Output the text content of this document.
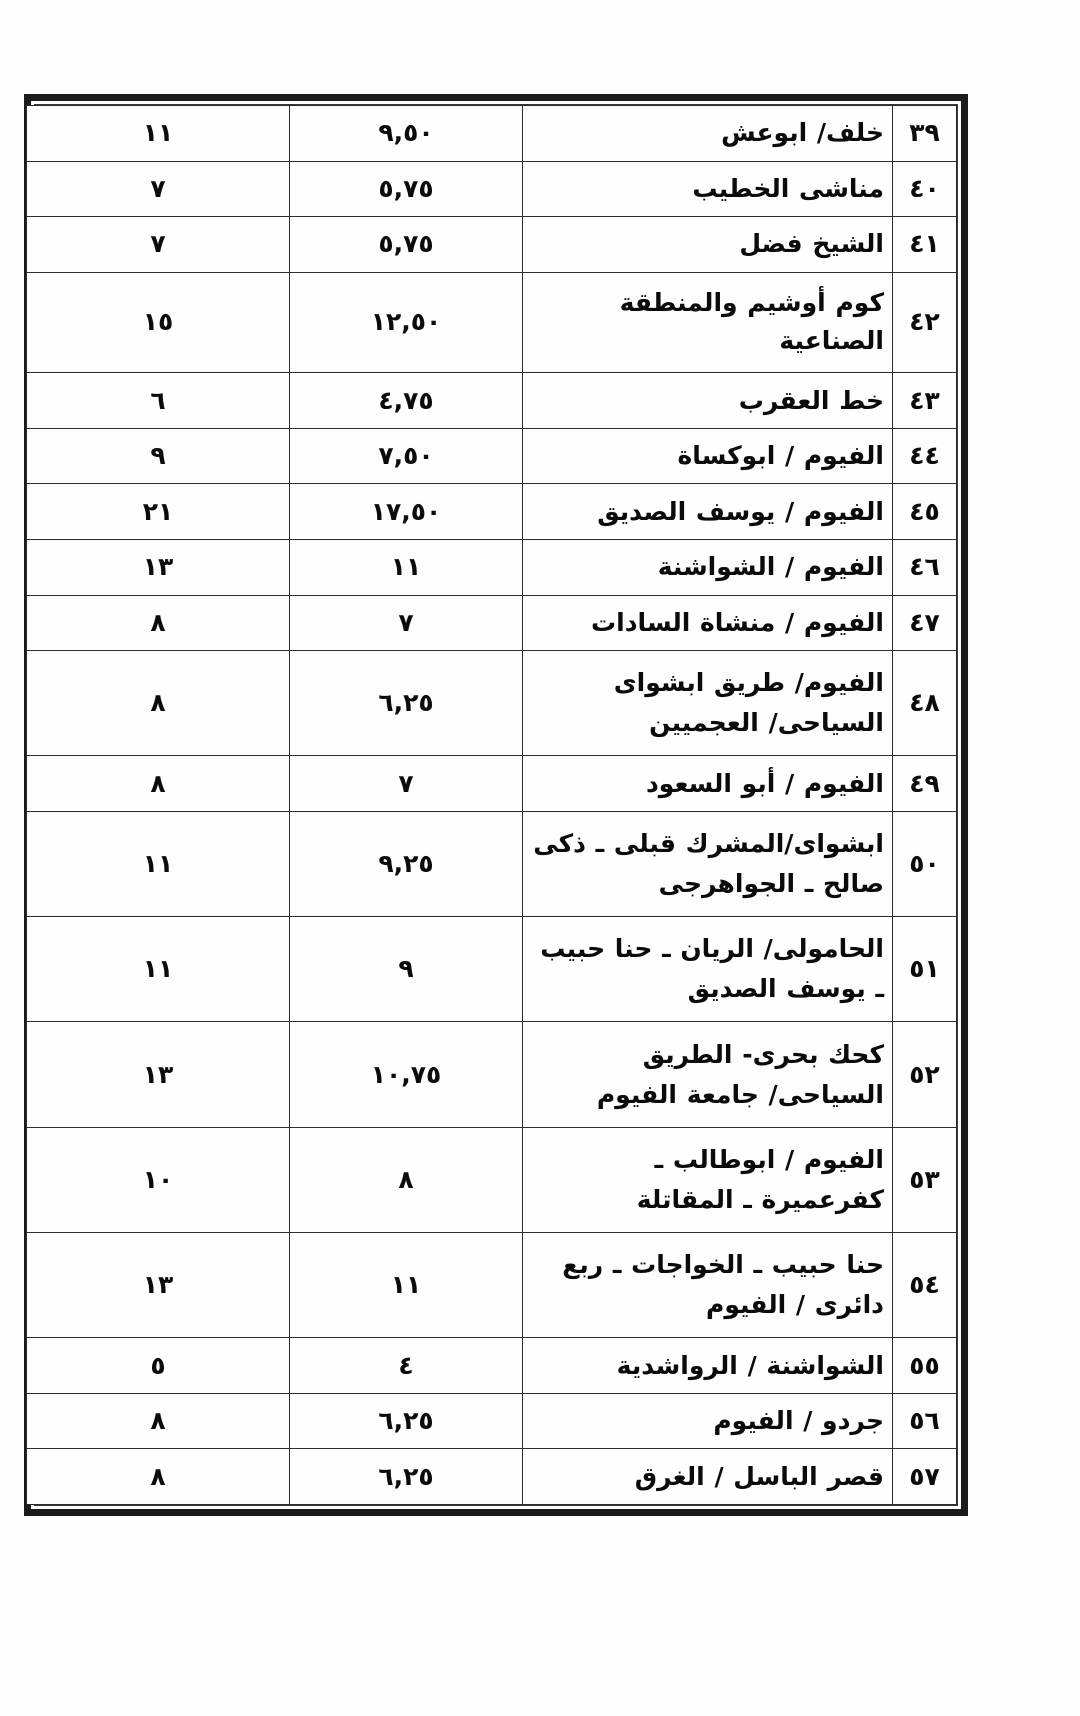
٣٩	خلف/ ابوعش	٩,٥٠	١١
٤٠	مناشى الخطيب	٥,٧٥	٧
٤١	الشيخ فضل	٥,٧٥	٧
٤٢	كوم أوشيم والمنطقة الصناعية	١٢,٥٠	١٥
٤٣	خط العقرب	٤,٧٥	٦
٤٤	الفيوم / ابوكساة	٧,٥٠	٩
٤٥	الفيوم / يوسف الصديق	١٧,٥٠	٢١
٤٦	الفيوم / الشواشنة	١١	١٣
٤٧	الفيوم / منشاة السادات	٧	٨
٤٨	الفيوم/ طريق ابشواى السياحى/ العجميين	٦,٢٥	٨
٤٩	الفيوم / أبو السعود	٧	٨
٥٠	ابشواى/المشرك قبلى ـ ذكى صالح ـ الجواهرجى	٩,٢٥	١١
٥١	الحامولى/ الريان ـ حنا حبيب ـ يوسف الصديق	٩	١١
٥٢	كحك بحرى- الطريق السياحى/ جامعة الفيوم	١٠,٧٥	١٣
٥٣	الفيوم / ابوطالب ـ كفرعميرة ـ المقاتلة	٨	١٠
٥٤	حنا حبيب ـ الخواجات ـ ربع دائرى / الفيوم	١١	١٣
٥٥	الشواشنة / الرواشدية	٤	٥
٥٦	جردو / الفيوم	٦,٢٥	٨
٥٧	قصر الباسل / الغرق	٦,٢٥	٨
